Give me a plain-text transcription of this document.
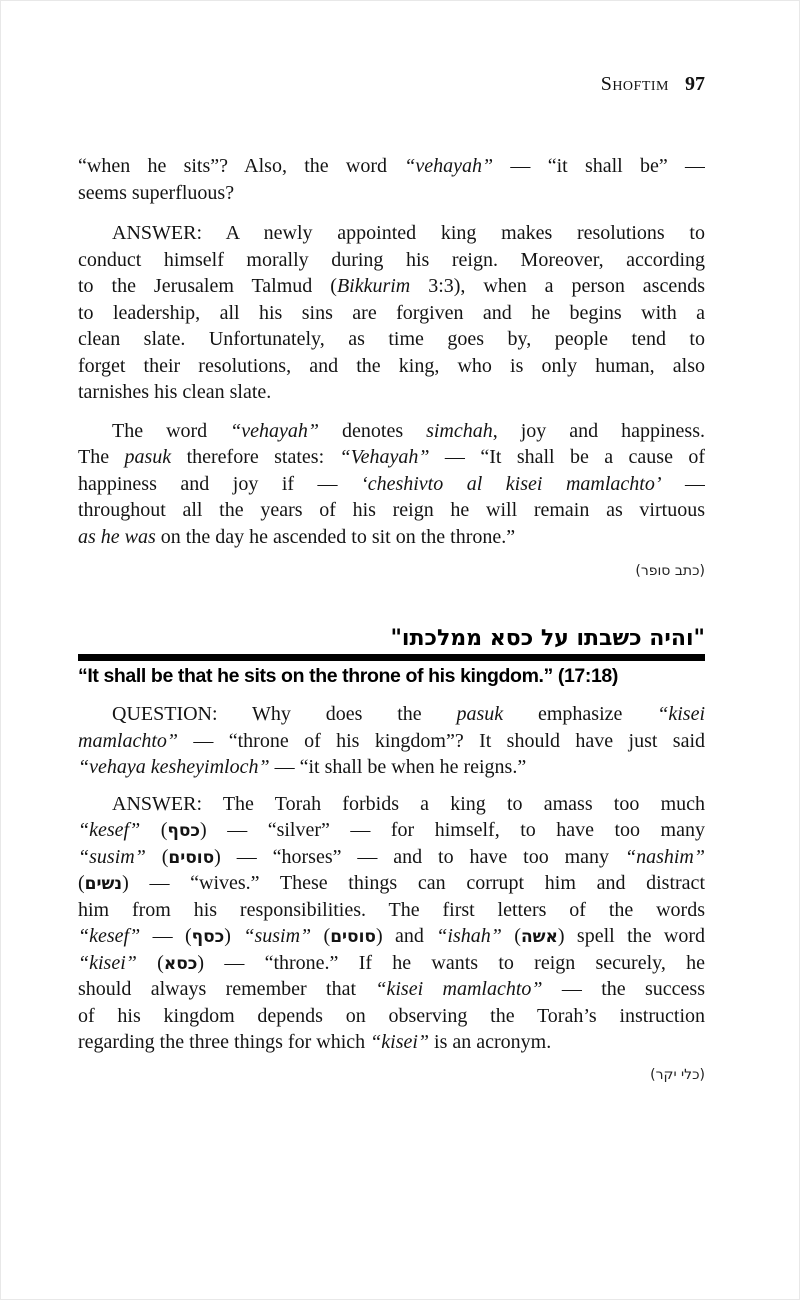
Shoftim 97
“when he sits”? Also, the word “vehayah” — “it shall be” —
seems superfluous?
ANSWER: A newly appointed king makes resolutions to
conduct himself morally during his reign. Moreover, according
to the Jerusalem Talmud (Bikkurim 3:3), when a person ascends
to leadership, all his sins are forgiven and he begins with a
clean slate. Unfortunately, as time goes by, people tend to
forget their resolutions, and the king, who is only human, also
tarnishes his clean slate.
The word “vehayah” denotes simchah, joy and happiness.
The pasuk therefore states: “Vehayah” — “It shall be a cause of
happiness and joy if — ‘cheshivto al kisei mamlachto’ —
throughout all the years of his reign he will remain as virtuous
as he was on the day he ascended to sit on the throne.”
(כתב סופר)
"והיה כשבתו על כסא ממלכתו"
“It shall be that he sits on the throne of his kingdom.” (17:18)
QUESTION: Why does the pasuk emphasize “kisei
mamlachto” — “throne of his kingdom”? It should have just said
“vehaya kesheyimloch” — “it shall be when he reigns.”
ANSWER: The Torah forbids a king to amass too much
“kesef” (כסף) — “silver” — for himself, to have too many
“susim” (סוסים) — “horses” — and to have too many “nashim”
(נשים) — “wives.” These things can corrupt him and distract
him from his responsibilities. The first letters of the words
“kesef” — (כסף) “susim” (סוסים) and “ishah” (אשה) spell the word
“kisei” (כסא) — “throne.” If he wants to reign securely, he
should always remember that “kisei mamlachto” — the success
of his kingdom depends on observing the Torah’s instruction
regarding the three things for which “kisei” is an acronym.
(כלי יקר)
